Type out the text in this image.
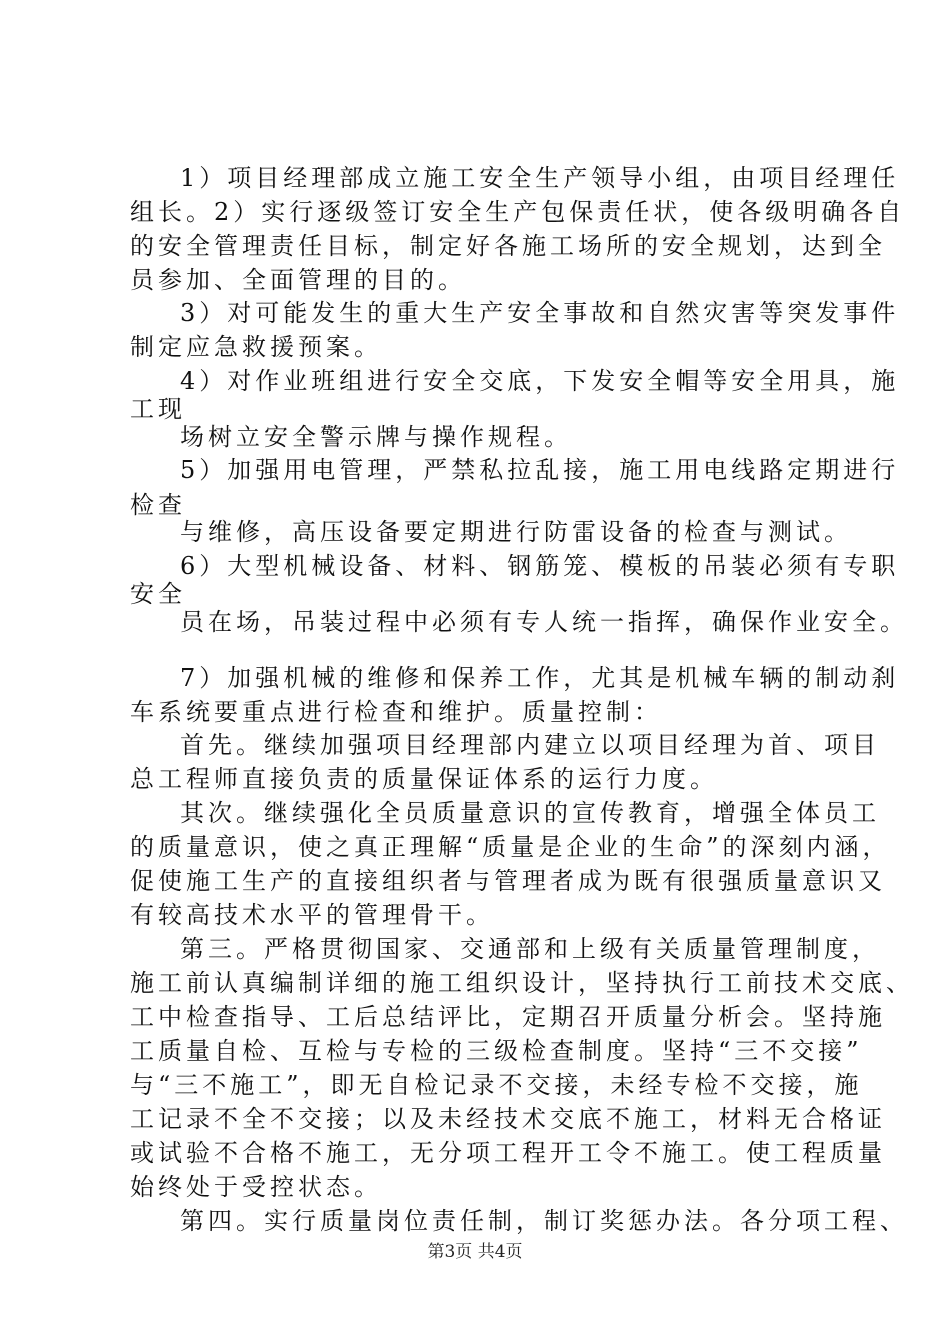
1）项目经理部成立施工安全生产领导小组，由项目经理任
组长。2）实行逐级签订安全生产包保责任状，使各级明确各自
的安全管理责任目标，制定好各施工场所的安全规划，达到全
员参加、全面管理的目的。
3）对可能发生的重大生产安全事故和自然灾害等突发事件
制定应急救援预案。
4）对作业班组进行安全交底，下发安全帽等安全用具，施
工现
场树立安全警示牌与操作规程。
5）加强用电管理，严禁私拉乱接，施工用电线路定期进行
检查
与维修，高压设备要定期进行防雷设备的检查与测试。
6）大型机械设备、材料、钢筋笼、模板的吊装必须有专职
安全
员在场，吊装过程中必须有专人统一指挥，确保作业安全。
7）加强机械的维修和保养工作，尤其是机械车辆的制动刹
车系统要重点进行检查和维护。质量控制：
首先。继续加强项目经理部内建立以项目经理为首、项目
总工程师直接负责的质量保证体系的运行力度。
其次。继续强化全员质量意识的宣传教育，增强全体员工
的质量意识，使之真正理解“质量是企业的生命”的深刻内涵，
促使施工生产的直接组织者与管理者成为既有很强质量意识又
有较高技术水平的管理骨干。
第三。严格贯彻国家、交通部和上级有关质量管理制度，
施工前认真编制详细的施工组织设计，坚持执行工前技术交底、
工中检查指导、工后总结评比，定期召开质量分析会。坚持施
工质量自检、互检与专检的三级检查制度。坚持“三不交接”
与“三不施工”，即无自检记录不交接，未经专检不交接，施
工记录不全不交接；以及未经技术交底不施工，材料无合格证
或试验不合格不施工，无分项工程开工令不施工。使工程质量
始终处于受控状态。
第四。实行质量岗位责任制，制订奖惩办法。各分项工程、
第3页 共4页
